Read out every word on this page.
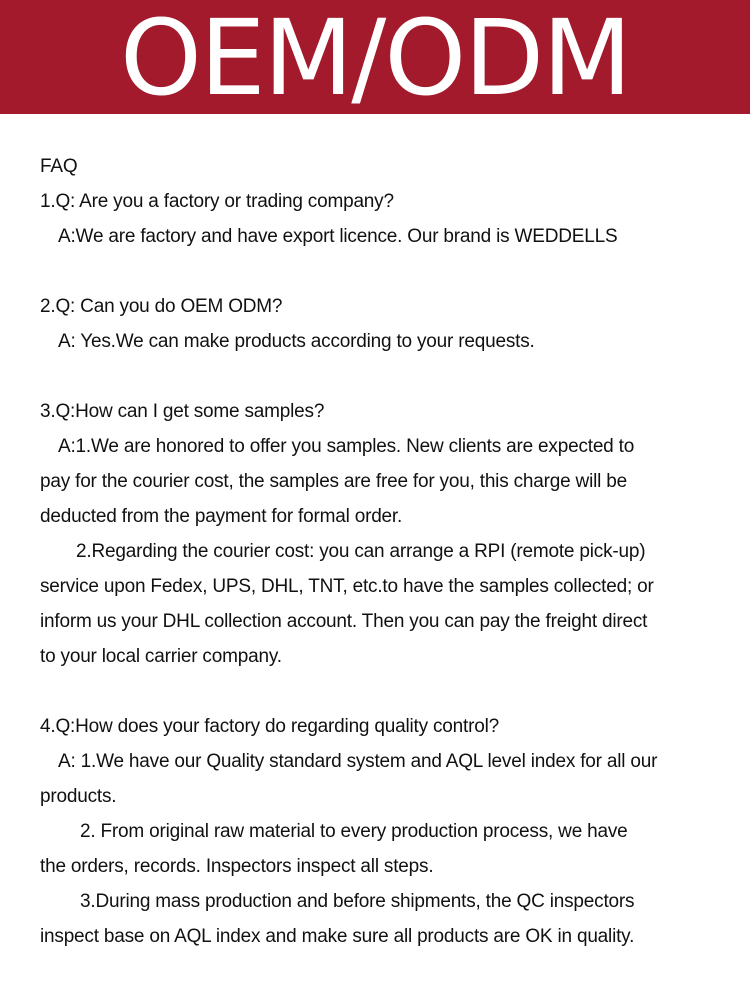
OEM/ODM
FAQ
1.Q: Are you a factory or trading company?
A:We are factory and have export licence. Our brand is WEDDELLS
2.Q: Can you do OEM ODM?
A: Yes.We can make products according to your requests.
3.Q:How can I get some samples?
A:1.We are honored to offer you samples. New clients are expected to
pay for the courier cost, the samples are free for you, this charge will be
deducted from the payment for formal order.
2.Regarding the courier cost: you can arrange a RPI (remote pick-up)
service upon Fedex, UPS, DHL, TNT, etc.to have the samples collected; or
inform us your DHL collection account. Then you can pay the freight direct
to your local carrier company.
4.Q:How does your factory do regarding quality control?
A: 1.We have our Quality standard system and AQL level index for all our
products.
2. From original raw material to every production process, we have
the orders, records. Inspectors inspect all steps.
3.During mass production and before shipments, the QC inspectors
inspect base on AQL index and make sure all products are OK in quality.
